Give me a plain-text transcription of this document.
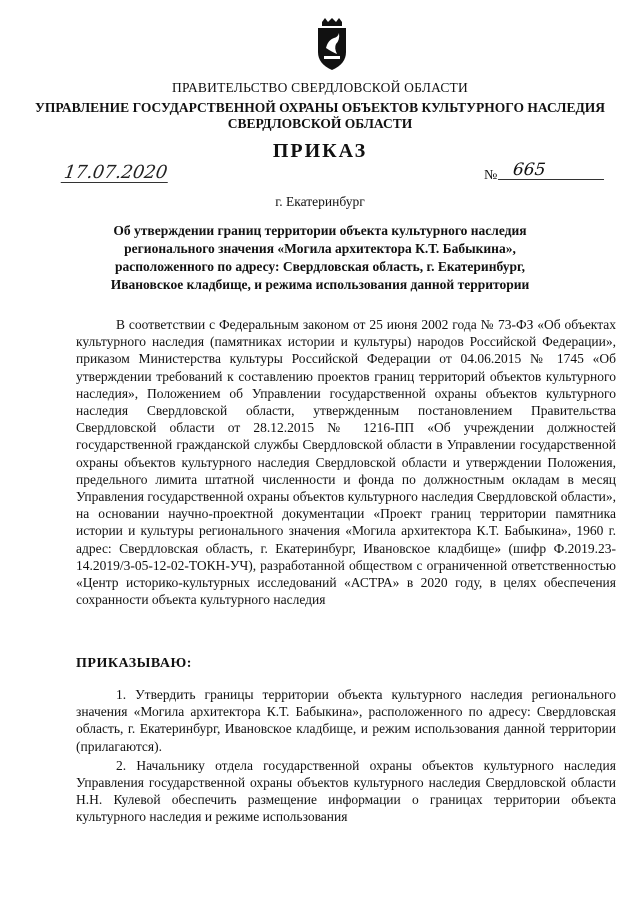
ПРАВИТЕЛЬСТВО СВЕРДЛОВСКОЙ ОБЛАСТИ
УПРАВЛЕНИЕ ГОСУДАРСТВЕННОЙ ОХРАНЫ ОБЪЕКТОВ КУЛЬТУРНОГО НАСЛЕДИЯ
СВЕРДЛОВСКОЙ ОБЛАСТИ
ПРИКАЗ
17.07.2020	№ 665
г. Екатеринбург
Об утверждении границ территории объекта культурного наследия
регионального значения «Могила архитектора К.Т. Бабыкина»,
расположенного по адресу: Свердловская область, г. Екатеринбург,
Ивановское кладбище, и режима использования данной территории
В соответствии с Федеральным законом от 25 июня 2002 года № 73-ФЗ «Об объектах культурного наследия (памятниках истории и культуры) народов Российской Федерации», приказом Министерства культуры Российской Федерации от 04.06.2015 № 1745 «Об утверждении требований к составлению проектов границ территорий объектов культурного наследия», Положением об Управлении государственной охраны объектов культурного наследия Свердловской области, утвержденным постановлением Правительства Свердловской области от 28.12.2015 № 1216-ПП «Об учреждении должностей государственной гражданской службы Свердловской области в Управлении государственной охраны объектов культурного наследия Свердловской области и утверждении Положения, предельного лимита штатной численности и фонда по должностным окладам в месяц Управления государственной охраны объектов культурного наследия Свердловской области», на основании научно-проектной документации «Проект границ территории памятника истории и культуры регионального значения «Могила архитектора К.Т. Бабыкина», 1960 г. адрес: Свердловская область, г. Екатеринбург, Ивановское кладбище» (шифр Ф.2019.23-14.2019/3-05-12-02-ТОКН-УЧ), разработанной обществом с ограниченной ответственностью «Центр историко-культурных исследований «АСТРА» в 2020 году, в целях обеспечения сохранности объекта культурного наследия
ПРИКАЗЫВАЮ:

1. Утвердить границы территории объекта культурного наследия регионального значения «Могила архитектора К.Т. Бабыкина», расположенного по адресу: Свердловская область, г. Екатеринбург, Ивановское кладбище, и режим использования данной территории (прилагаются).

2. Начальнику отдела государственной охраны объектов культурного наследия Управления государственной охраны объектов культурного наследия Свердловской области Н.Н. Кулевой обеспечить размещение информации о границах территории объекта культурного наследия и режиме использования
